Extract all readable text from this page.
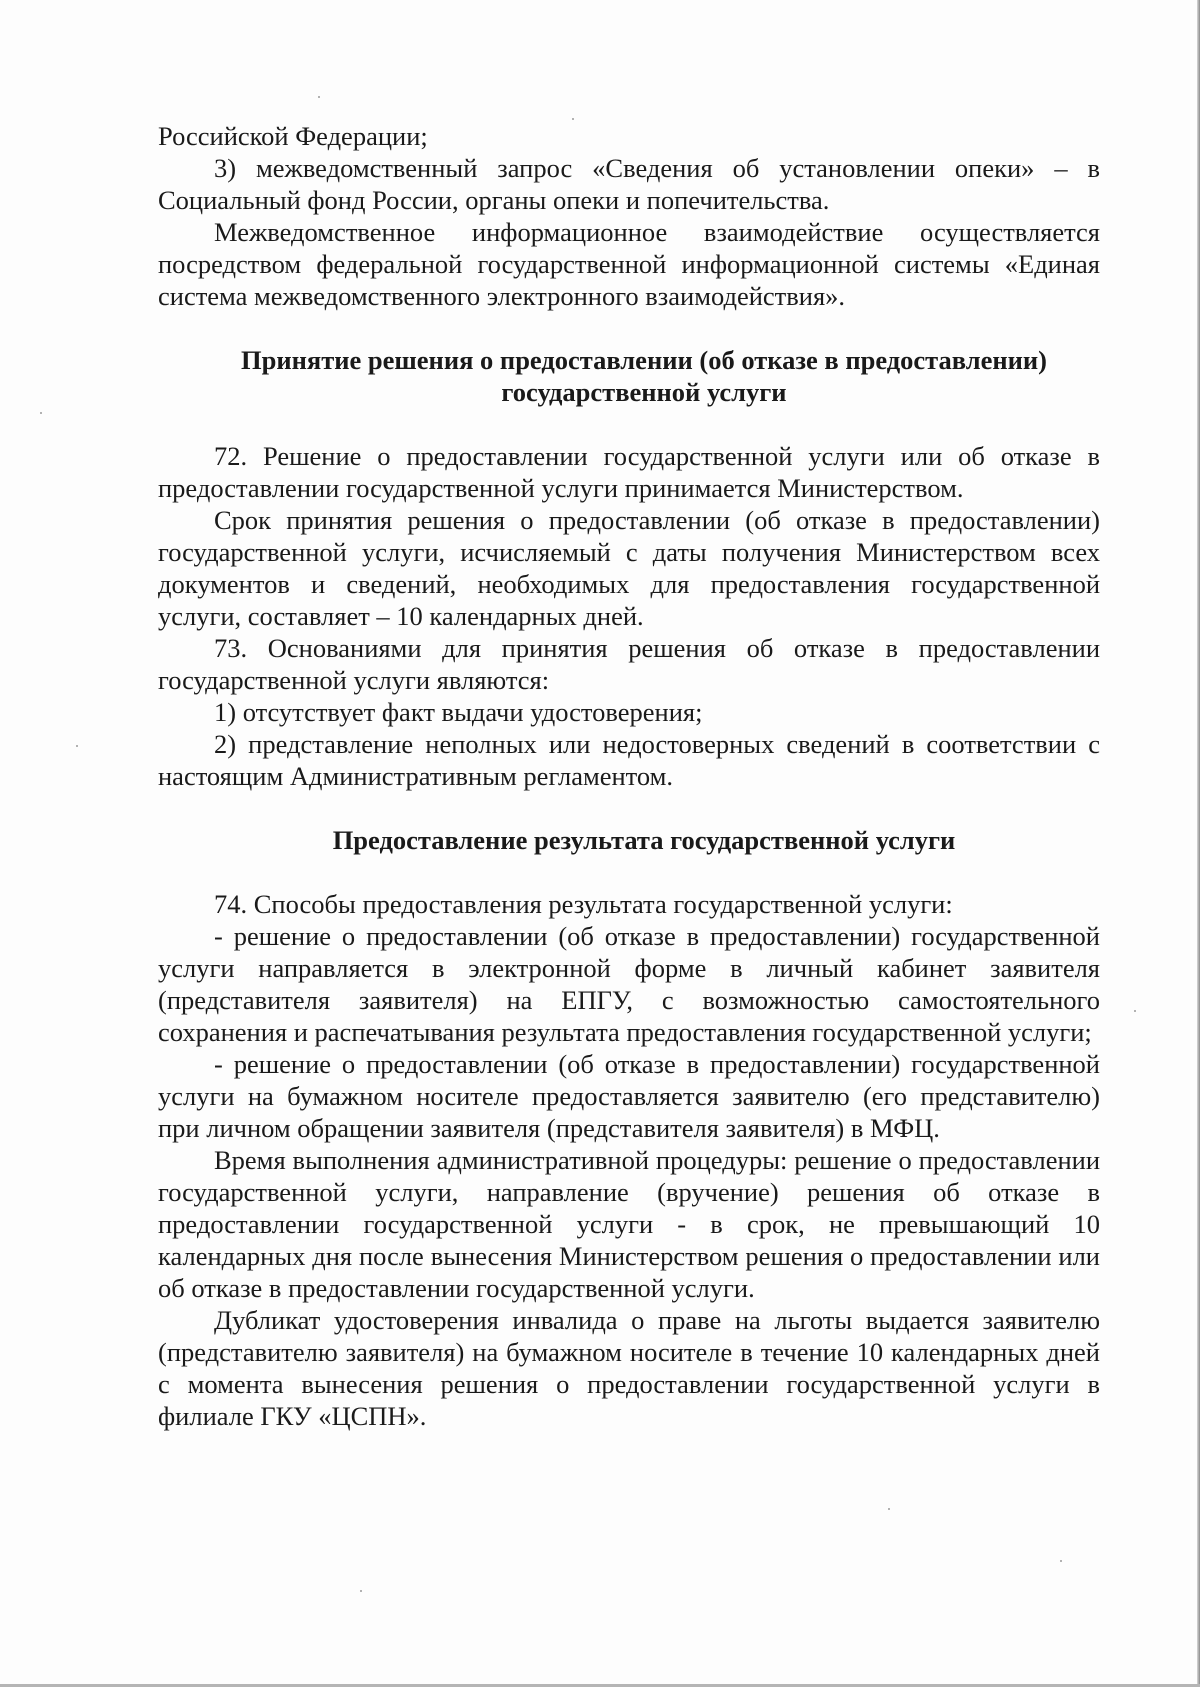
Российской Федерации;

3) межведомственный запрос «Сведения об установлении опеки» – в Социальный фонд России, органы опеки и попечительства.

Межведомственное информационное взаимодействие осуществляется посредством федеральной государственной информационной системы «Единая система межведомственного электронного взаимодействия».

Принятие решения о предоставлении (об отказе в предоставлении) государственной услуги

72. Решение о предоставлении государственной услуги или об отказе в предоставлении государственной услуги принимается Министерством.

Срок принятия решения о предоставлении (об отказе в предоставлении) государственной услуги, исчисляемый с даты получения Министерством всех документов и сведений, необходимых для предоставления государственной услуги, составляет – 10 календарных дней.

73. Основаниями для принятия решения об отказе в предоставлении государственной услуги являются:

1) отсутствует факт выдачи удостоверения;

2) представление неполных или недостоверных сведений в соответствии с настоящим Административным регламентом.

Предоставление результата государственной услуги

74. Способы предоставления результата государственной услуги:

- решение о предоставлении (об отказе в предоставлении) государственной услуги направляется в электронной форме в личный кабинет заявителя (представителя заявителя) на ЕПГУ, с возможностью самостоятельного сохранения и распечатывания результата предоставления государственной услуги;

- решение о предоставлении (об отказе в предоставлении) государственной услуги на бумажном носителе предоставляется заявителю (его представителю) при личном обращении заявителя (представителя заявителя) в МФЦ.

Время выполнения административной процедуры: решение о предоставлении государственной услуги, направление (вручение) решения об отказе в предоставлении государственной услуги - в срок, не превышающий 10 календарных дня после вынесения Министерством решения о предоставлении или об отказе в предоставлении государственной услуги.

Дубликат удостоверения инвалида о праве на льготы выдается заявителю (представителю заявителя) на бумажном носителе в течение 10 календарных дней с момента вынесения решения о предоставлении государственной услуги в филиале ГКУ «ЦСПН».
